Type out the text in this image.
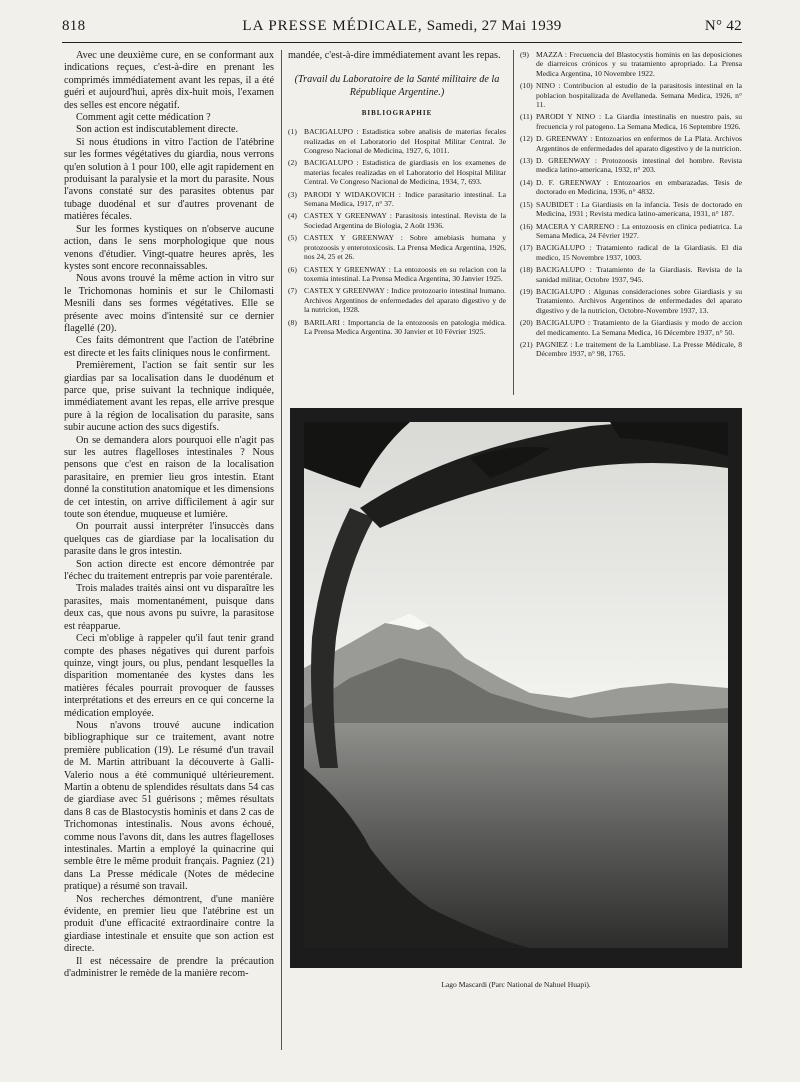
818	LA PRESSE MÉDICALE, Samedi, 27 Mai 1939	N° 42

Avec une deuxième cure, en se conformant aux indications reçues, c'est-à-dire en prenant les comprimés immédiatement avant les repas, il a été guéri et aujourd'hui, après dix-huit mois, l'examen des selles est encore négatif.

Comment agit cette médication ?

Son action est indiscutablement directe.

Si nous étudions in vitro l'action de l'atébrine sur les formes végétatives du giardia, nous verrons qu'en solution à 1 pour 100, elle agit rapidement en produisant la paralysie et la mort du parasite. Nous l'avons constaté sur des parasites obtenus par tubage duodénal et sur d'autres provenant de matières fécales.

Sur les formes kystiques on n'observe aucune action, dans le sens morphologique que nous venons d'étudier. Vingt-quatre heures après, les kystes sont encore reconnaissables.

Nous avons trouvé la même action in vitro sur le Trichomonas hominis et sur le Chilomasti Mesnili dans ses formes végétatives. Elle se présente avec moins d'intensité sur ce dernier flagellé (20).

Ces faits démontrent que l'action de l'atébrine est directe et les faits cliniques nous le confirment.

Premièrement, l'action se fait sentir sur les giardias par sa localisation dans le duodénum et parce que, prise suivant la technique indiquée, immédiatement avant les repas, elle arrive presque pure à la région de localisation du parasite, sans subir aucune action des sucs digestifs.

On se demandera alors pourquoi elle n'agit pas sur les autres flagelloses intestinales ? Nous pensons que c'est en raison de la localisation parasitaire, en premier lieu gros intestin. Etant donné la constitution anatomique et les dimensions de cet intestin, on arrive difficilement à agir sur toute son étendue, muqueuse et lumière.

On pourrait aussi interpréter l'insuccès dans quelques cas de giardiase par la localisation du parasite dans le gros intestin.

Son action directe est encore démontrée par l'échec du traitement entrepris par voie parentérale.

Trois malades traités ainsi ont vu disparaître les parasites, mais momentanément, puisque dans deux cas, que nous avons pu suivre, la parasitose est réapparue.

Ceci m'oblige à rappeler qu'il faut tenir grand compte des phases négatives qui durent parfois quinze, vingt jours, ou plus, pendant lesquelles la disparition momentanée des kystes dans les matières fécales pourrait provoquer de fausses interprétations et des erreurs en ce qui concerne la médication employée.

Nous n'avons trouvé aucune indication bibliographique sur ce traitement, avant notre première publication (19). Le résumé d'un travail de M. Martin attribuant la découverte à Galli-Valerio nous a été communiqué ultérieurement. Martin a obtenu de splendides résultats dans 54 cas de giardiase avec 51 guérisons ; mêmes résultats dans 8 cas de Blastocystis hominis et dans 2 cas de Trichomonas intestinalis. Nous avons échoué, comme nous l'avons dit, dans les autres flagelloses intestinales. Martin a employé la quinacrine qui semble être le même produit français. Pagniez (21) dans La Presse médicale (Notes de médecine pratique) a résumé son travail.

Nos recherches démontrent, d'une manière évidente, en premier lieu que l'atébrine est un produit d'une efficacité extraordinaire contre la giardiase intestinale et ensuite que son action est directe.

Il est nécessaire de prendre la précaution d'administrer le remède de la manière recom-

mandée, c'est-à-dire immédiatement avant les repas.

(Travail du Laboratoire de la Santé militaire de la République Argentine.)

BIBLIOGRAPHIE

(1) BACIGALUPO : Estadistica sobre analisis de materias fecales realizadas en el Laboratorio del Hospital Militar Central. 3e Congreso Nacional de Medicina, 1927, 6, 1011.

(2) BACIGALUPO : Estadistica de giardiasis en los examenes de materias fecales realizadas en el Laboratorio del Hospital Militar Central. Ve Congreso Nacional de Medicina, 1934, 7, 693.

(3) PARODI Y WIDAKOVICH : Indice parasitario intestinal. La Semana Medica, 1917, n° 37.

(4) CASTEX Y GREENWAY : Parasitosis intestinal. Revista de la Sociedad Argentina de Biologia, 2 Août 1936.

(5) CASTEX Y GREENWAY : Sobre amebiasis humana y protozoosis y enterotoxicosis. La Prensa Medica Argentina, 1926, nos 24, 25 et 26.

(6) CASTEX Y GREENWAY : La entozoosis en su relacion con la toxemia intestinal. La Prensa Medica Argentina, 30 Janvier 1925.

(7) CASTEX Y GREENWAY : Indice protozoario intestinal humano. Archivos Argentinos de enfermedades del aparato digestivo y de la nutricion, 1928.

(8) BARILARI : Importancia de la entozoosis en patologia médica. La Prensa Medica Argentina. 30 Janvier et 10 Février 1925.

(9) MAZZA : Frecuencia del Blastocystis hominis en las deposiciones de diarreicos crónicos y su tratamiento apropriado. La Prensa Medica Argentina, 10 Novembre 1922.

(10) NINO : Contribucion al estudio de la parasitosis intestinal en la poblacion hospitalizada de Avellaneda. Semana Medica, 1926, n° 11.

(11) PARODI Y NINO : La Giardia intestinalis en nuestro pais, su frecuencia y rol patogeno. La Semana Medica, 16 Septembre 1926.

(12) D. GREENWAY : Entozoarios en enfermos de La Plata. Archivos Argentinos de enfermedades del aparato digestivo y de la nutricion.

(13) D. GREENWAY : Protozoosis intestinal del hombre. Revista medica latino-americana, 1932, n° 203.

(14) D. F. GREENWAY : Entozoarios en embarazadas. Tesis de doctorado en Medicina, 1936, n° 4832.

(15) SAUBIDET : La Giardiasis en la infancia. Tesis de doctorado en Medicina, 1931 ; Revista medica latino-americana, 1931, n° 187.

(16) MACERA Y CARRENO : La entozoosis en clinica pediatrica. La Semana Medica, 24 Février 1927.

(17) BACIGALUPO : Tratamiento radical de la Giardiasis. El dia medico, 15 Novembre 1937, 1003.

(18) BACIGALUPO : Tratamiento de la Giardiasis. Revista de la sanidad militar, Octobre 1937, 945.

(19) BACIGALUPO : Algunas consideraciones sobre Giardiasis y su Tratamiento. Archivos Argentinos de enfermedades del aparato digestivo y de la nutricion, Octobre-Novembre 1937, 13.

(20) BACIGALUPO : Tratamiento de la Giardiasis y modo de accion del medicamento. La Semana Medica, 16 Décembre 1937, n° 50.

(21) PAGNIEZ : Le traitement de la Lambliase. La Presse Médicale, 8 Décembre 1937, n° 98, 1765.

Lago Mascardi (Parc National de Nahuel Huapi).
